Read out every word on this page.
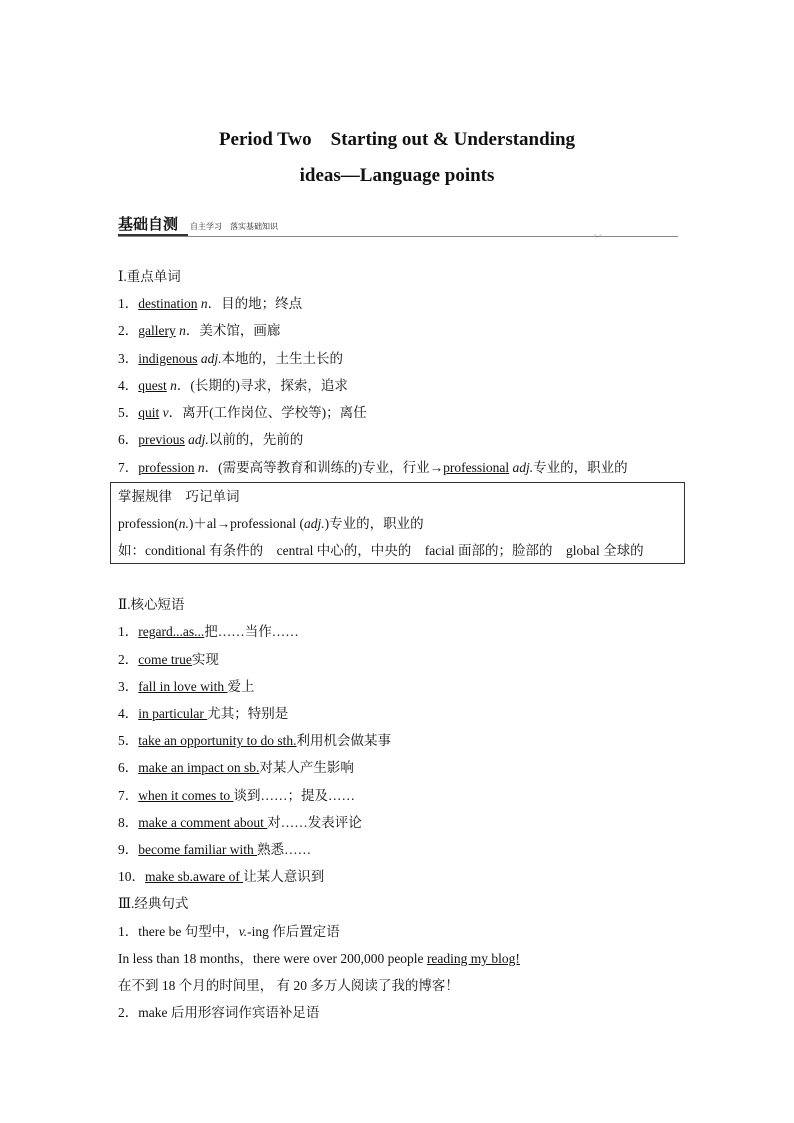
Period Two　Starting out & Understanding
ideas—Language points
基础自测 自主学习　落实基础知识
﹀
Ⅰ.重点单词
1．destination n．目的地；终点
2．gallery n．美术馆，画廊
3．indigenous adj.本地的，土生土长的
4．quest n．(长期的)寻求，探索，追求
5．quit v．离开(工作岗位、学校等)；离任
6．previous adj.以前的，先前的
7．profession n．(需要高等教育和训练的)专业，行业→professional adj.专业的，职业的
掌握规律　巧记单词
profession(n.)＋al→professional (adj.)专业的，职业的
如：conditional 有条件的　central 中心的，中央的　facial 面部的；脸部的　global 全球的
Ⅱ.核心短语
1．regard...as...把……当作……
2．come true实现
3．fall in love with 爱上
4．in particular 尤其；特别是
5．take an opportunity to do sth.利用机会做某事
6．make an impact on sb.对某人产生影响
7．when it comes to 谈到……；提及……
8．make a comment about 对……发表评论
9．become familiar with 熟悉……
10．make sb.aware of 让某人意识到
Ⅲ.经典句式
1．there be 句型中，v.-ing 作后置定语
In less than 18 months，there were over 200,000 people reading my blog!
在不到 18 个月的时间里， 有 20 多万人阅读了我的博客！
2．make 后用形容词作宾语补足语
